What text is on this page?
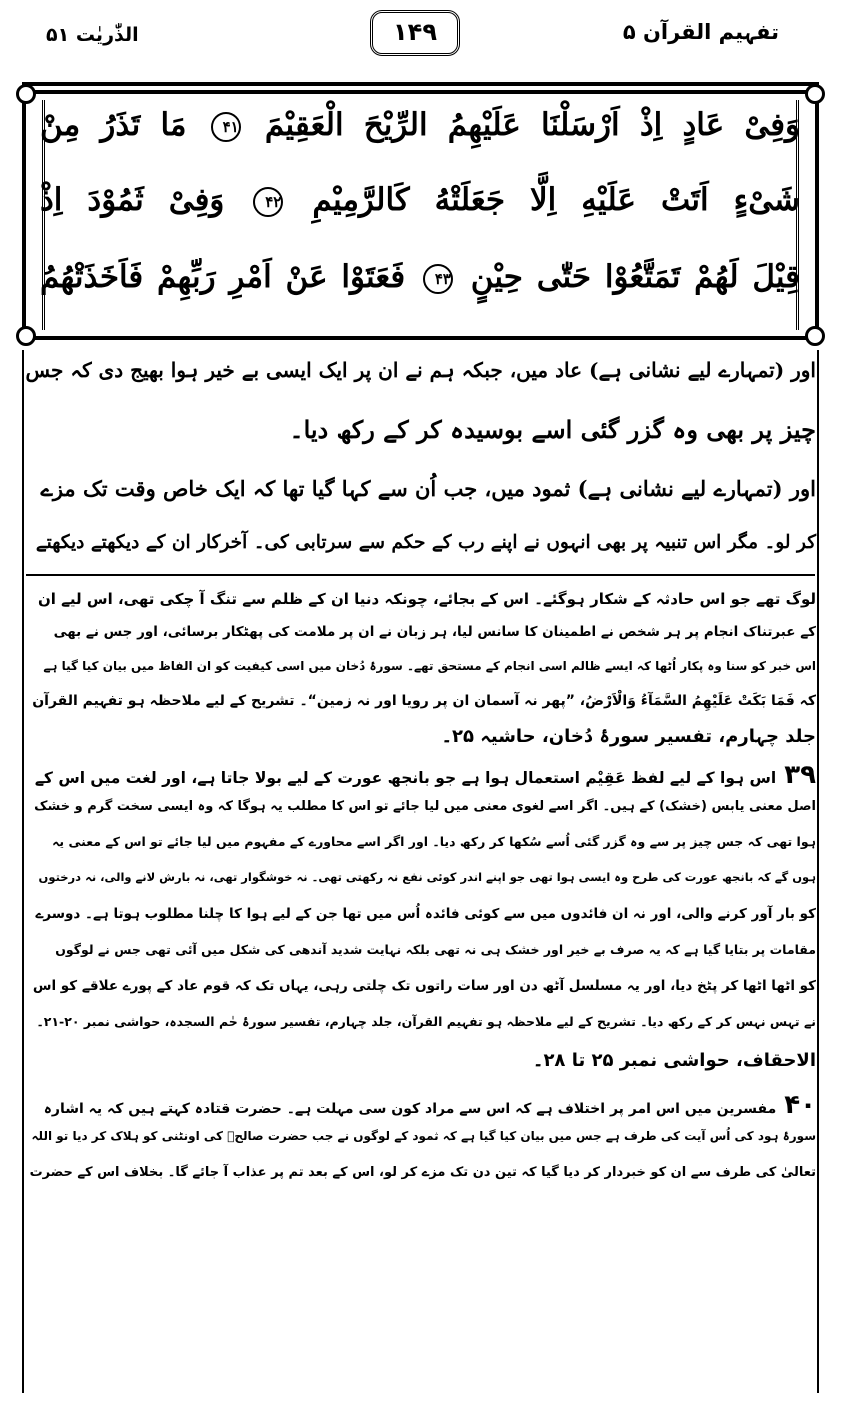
تفہیم القرآن ۵
۱۴۹
الذّٰریٰت ۵۱
وَفِیْ عَادٍ اِذْ اَرْسَلْنَا عَلَیْهِمُ الرِّیْحَ الْعَقِیْمَ ۴۱ مَا تَذَرُ مِنْ
شَیْءٍ اَتَتْ عَلَیْهِ اِلَّا جَعَلَتْهُ كَالرَّمِیْمِ ۴۲ وَفِیْ ثَمُوْدَ اِذْ
قِیْلَ لَهُمْ تَمَتَّعُوْا حَتّٰى حِیْنٍ ۴۳ فَعَتَوْا عَنْ اَمْرِ رَبِّهِمْ فَاَخَذَتْهُمُ
اور (تمہارے لیے نشانی ہے) عاد میں، جبکہ ہم نے ان پر ایک ایسی بے خیر ہوا بھیج دی کہ جس
چیز پر بھی وہ گزر گئی اسے بوسیدہ کر کے رکھ دیا۔
اور (تمہارے لیے نشانی ہے) ثمود میں، جب اُن سے کہا گیا تھا کہ ایک خاص وقت تک مزے
کر لو۔ مگر اس تنبیہ پر بھی انہوں نے اپنے رب کے حکم سے سرتابی کی۔ آخرکار ان کے دیکھتے دیکھتے
لوگ تھے جو اس حادثہ کے شکار ہوگئے۔ اس کے بجائے، چونکہ دنیا ان کے ظلم سے تنگ آ چکی تھی، اس لیے ان
کے عبرتناک انجام پر ہر شخص نے اطمینان کا سانس لیا، ہر زبان نے ان پر ملامت کی پھٹکار برسائی، اور جس نے بھی
اس خبر کو سنا وہ پکار اُٹھا کہ ایسے ظالم اسی انجام کے مستحق تھے۔ سورۂ دُخان میں اسی کیفیت کو ان الفاظ میں بیان کیا گیا ہے
کہ فَمَا بَكَتْ عَلَیْهِمُ السَّمَآءُ وَالْاَرْضُ، ”پھر نہ آسمان ان پر رویا اور نہ زمین“۔ تشریح کے لیے ملاحظہ ہو تفہیم القرآن
جلد چہارم، تفسیر سورۂ دُخان، حاشیہ ۲۵۔
۳۹اس ہوا کے لیے لفظ عَقِیْم استعمال ہوا ہے جو بانجھ عورت کے لیے بولا جاتا ہے، اور لغت میں اس کے
اصل معنی یابس (خشک) کے ہیں۔ اگر اسے لغوی معنی میں لیا جائے تو اس کا مطلب یہ ہوگا کہ وہ ایسی سخت گرم و خشک
ہوا تھی کہ جس چیز پر سے وہ گزر گئی اُسے سُکھا کر رکھ دیا۔ اور اگر اسے محاورے کے مفہوم میں لیا جائے تو اس کے معنی یہ
ہوں گے کہ بانجھ عورت کی طرح وہ ایسی ہوا تھی جو اپنے اندر کوئی نفع نہ رکھتی تھی۔ نہ خوشگوار تھی، نہ بارش لانے والی، نہ درختوں
کو بار آور کرنے والی، اور نہ ان فائدوں میں سے کوئی فائدہ اُس میں تھا جن کے لیے ہوا کا چلنا مطلوب ہوتا ہے۔ دوسرے
مقامات پر بتایا گیا ہے کہ یہ صرف بے خیر اور خشک ہی نہ تھی بلکہ نہایت شدید آندھی کی شکل میں آئی تھی جس نے لوگوں
کو اٹھا اٹھا کر پٹخ دیا، اور یہ مسلسل آٹھ دن اور سات راتوں تک چلتی رہی، یہاں تک کہ قوم عاد کے پورے علاقے کو اس
نے تہس نہس کر کے رکھ دیا۔ تشریح کے لیے ملاحظہ ہو تفہیم القرآن، جلد چہارم، تفسیر سورۂ حٰم السجدہ، حواشی نمبر ۲۰-۲۱۔
الاحقاف، حواشی نمبر ۲۵ تا ۲۸۔
۴۰مفسرین میں اس امر پر اختلاف ہے کہ اس سے مراد کون سی مہلت ہے۔ حضرت قتادہ کہتے ہیں کہ یہ اشارہ
سورۂ ہود کی اُس آیت کی طرف ہے جس میں بیان کیا گیا ہے کہ ثمود کے لوگوں نے جب حضرت صالحؑ کی اونٹنی کو ہلاک کر دیا تو اللہ
تعالیٰ کی طرف سے ان کو خبردار کر دیا گیا کہ تین دن تک مزے کر لو، اس کے بعد تم پر عذاب آ جائے گا۔ بخلاف اس کے حضرت
